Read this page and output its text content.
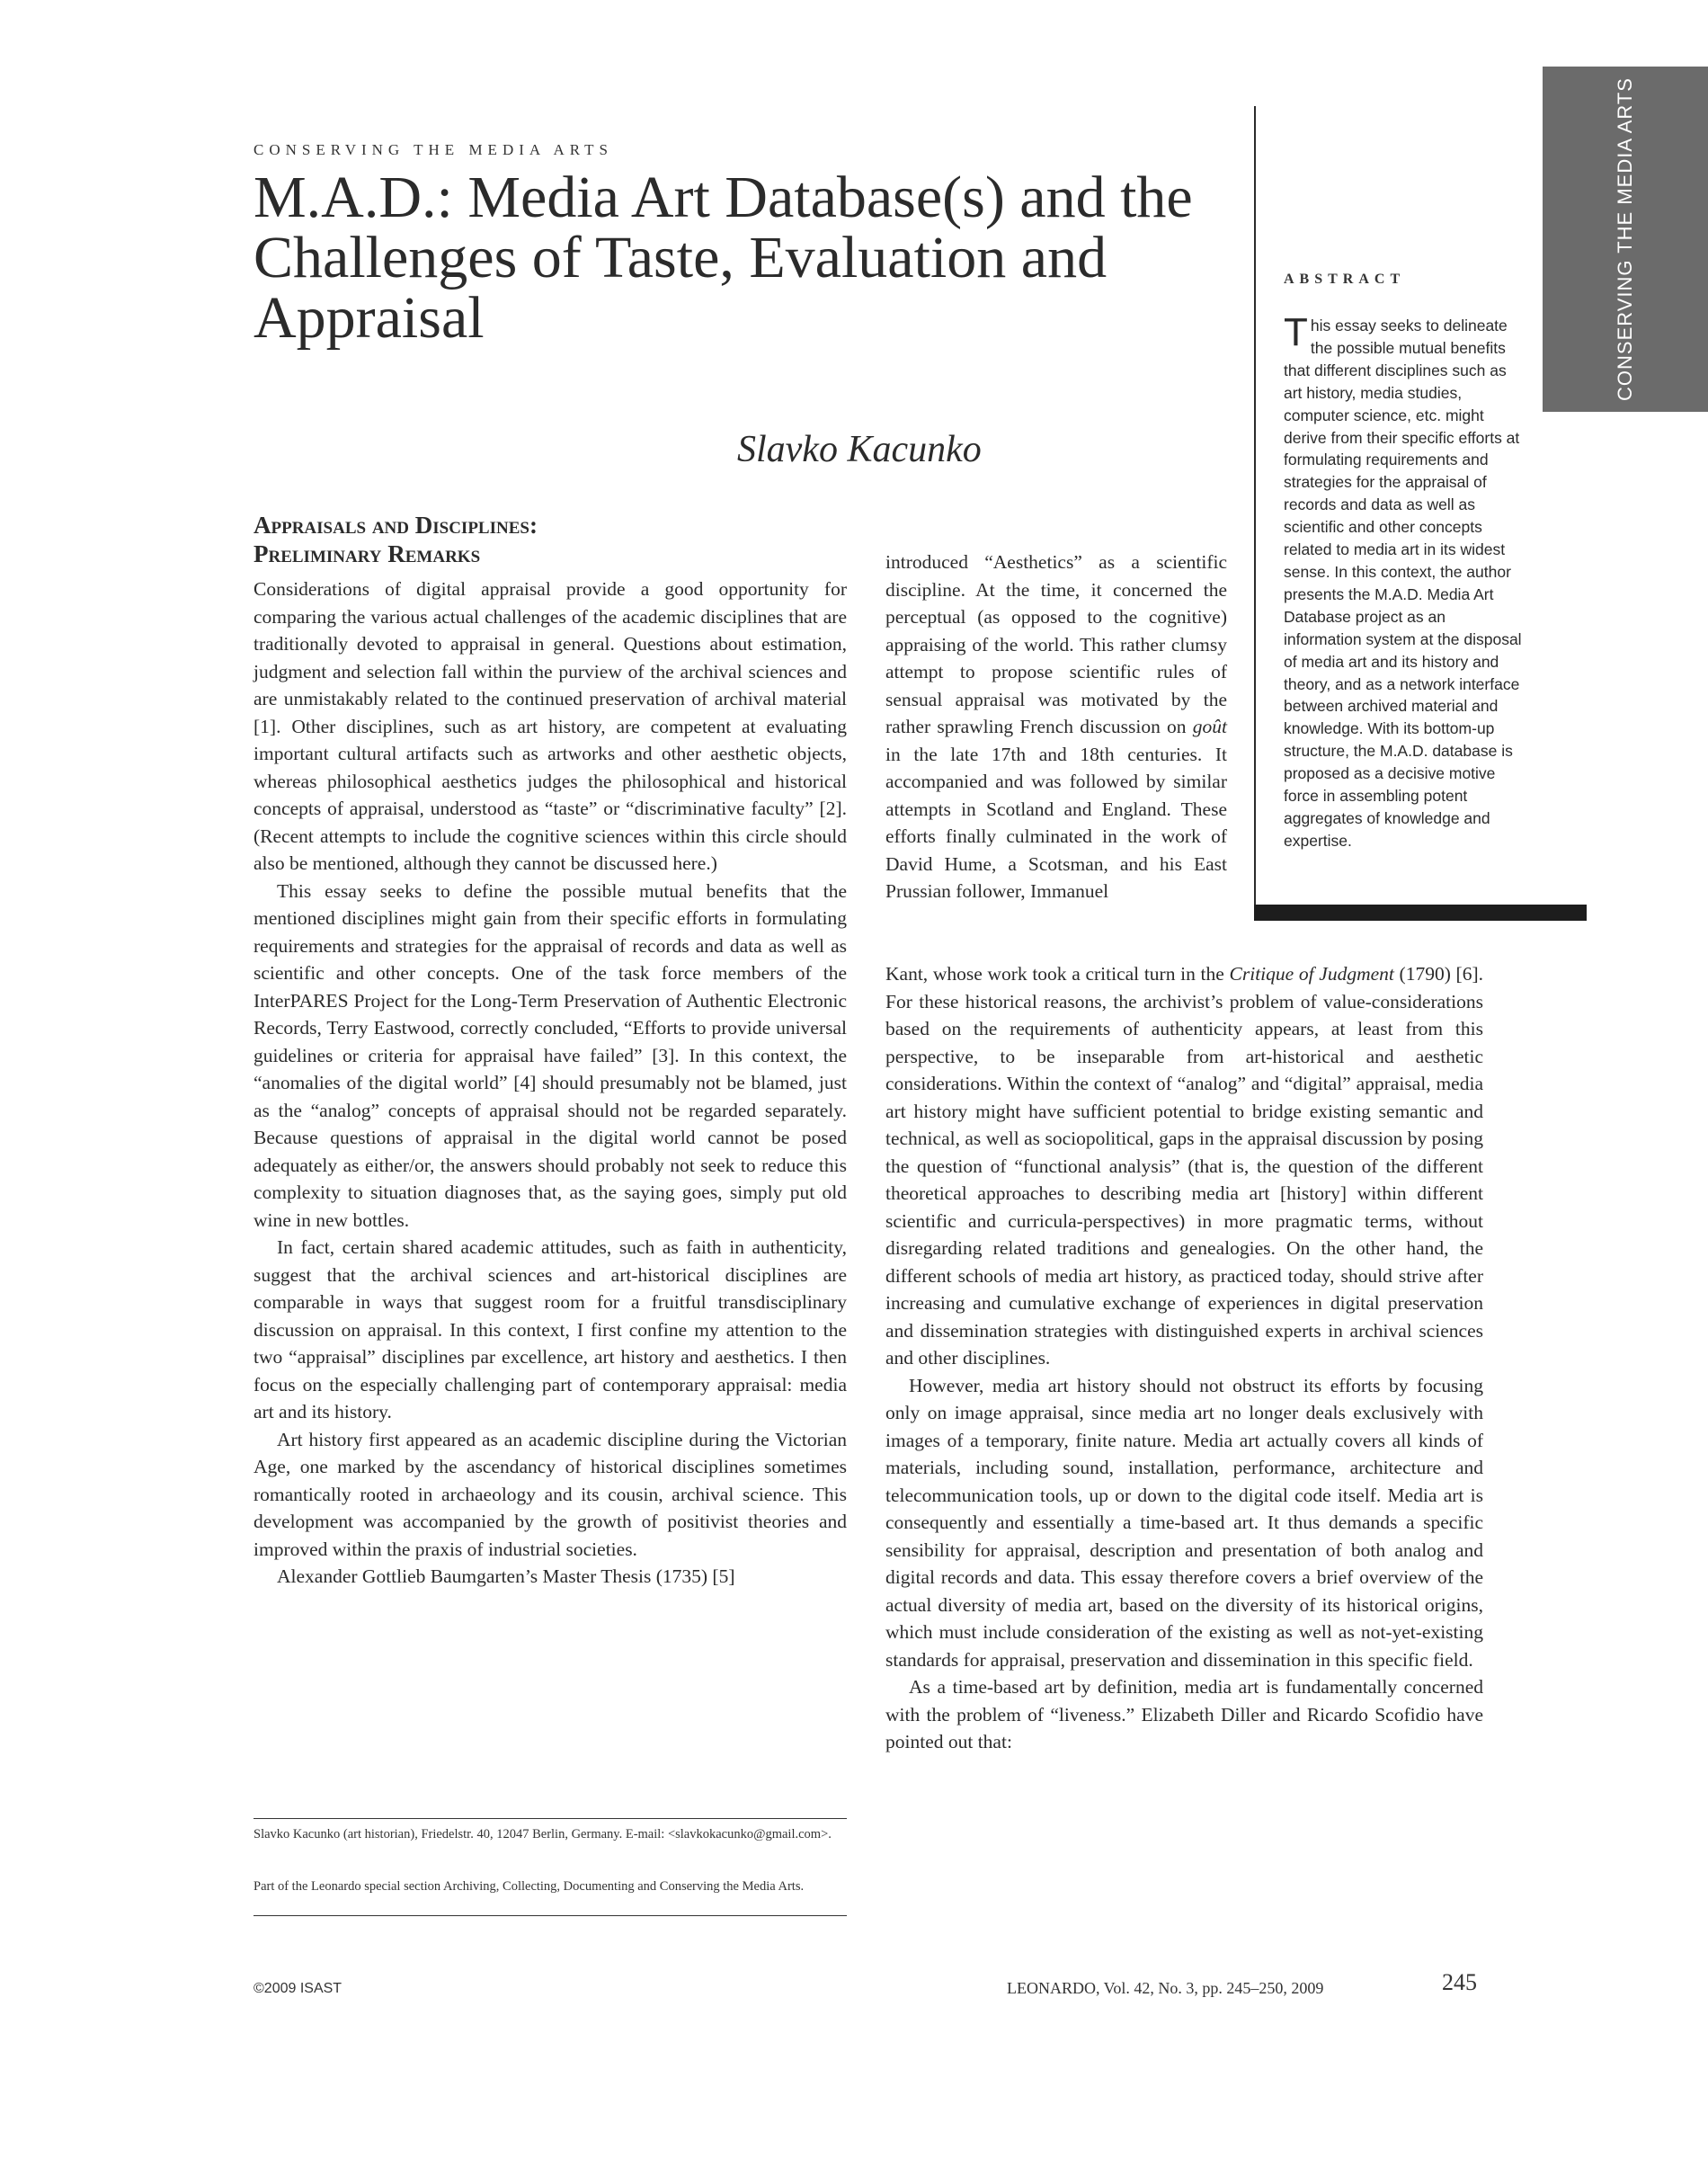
CONSERVING THE MEDIA ARTS
CONSERVING THE MEDIA ARTS
M.A.D.: Media Art Database(s) and the Challenges of Taste, Evaluation and Appraisal
Slavko Kacunko
ABSTRACT
This essay seeks to delineate the possible mutual benefits that different disciplines such as art history, media studies, computer science, etc. might derive from their specific efforts at formulating requirements and strategies for the appraisal of records and data as well as scientific and other concepts related to media art in its widest sense. In this context, the author presents the M.A.D. Media Art Database project as an information system at the disposal of media art and its history and theory, and as a network interface between archived material and knowledge. With its bottom-up structure, the M.A.D. database is proposed as a decisive motive force in assembling potent aggregates of knowledge and expertise.
Appraisals and Disciplines:
Preliminary Remarks

Considerations of digital appraisal provide a good opportunity for comparing the various actual challenges of the academic disciplines that are traditionally devoted to appraisal in general. Questions about estimation, judgment and selection fall within the purview of the archival sciences and are unmistakably related to the continued preservation of archival material [1]. Other disciplines, such as art history, are competent at evaluating important cultural artifacts such as artworks and other aesthetic objects, whereas philosophical aesthetics judges the philosophical and historical concepts of appraisal, understood as “taste” or “discriminative faculty” [2]. (Recent attempts to include the cognitive sciences within this circle should also be mentioned, although they cannot be discussed here.)

This essay seeks to define the possible mutual benefits that the mentioned disciplines might gain from their specific efforts in formulating requirements and strategies for the appraisal of records and data as well as scientific and other concepts. One of the task force members of the InterPARES Project for the Long-Term Preservation of Authentic Electronic Records, Terry Eastwood, correctly concluded, “Efforts to provide universal guidelines or criteria for appraisal have failed” [3]. In this context, the “anomalies of the digital world” [4] should presumably not be blamed, just as the “analog” concepts of appraisal should not be regarded separately. Because questions of appraisal in the digital world cannot be posed adequately as either/or, the answers should probably not seek to reduce this complexity to situation diagnoses that, as the saying goes, simply put old wine in new bottles.

In fact, certain shared academic attitudes, such as faith in authenticity, suggest that the archival sciences and art-historical disciplines are comparable in ways that suggest room for a fruitful transdisciplinary discussion on appraisal. In this context, I first confine my attention to the two “appraisal” disciplines par excellence, art history and aesthetics. I then focus on the especially challenging part of contemporary appraisal: media art and its history.

Art history first appeared as an academic discipline during the Victorian Age, one marked by the ascendancy of historical disciplines sometimes romantically rooted in archaeology and its cousin, archival science. This development was accompanied by the growth of positivist theories and improved within the praxis of industrial societies.

Alexander Gottlieb Baumgarten’s Master Thesis (1735) [5]

introduced “Aesthetics” as a scientific discipline. At the time, it concerned the perceptual (as opposed to the cognitive) appraising of the world. This rather clumsy attempt to propose scientific rules of sensual appraisal was motivated by the rather sprawling French discussion on goût in the late 17th and 18th centuries. It accompanied and was followed by similar attempts in Scotland and England. These efforts finally culminated in the work of David Hume, a Scotsman, and his East Prussian follower, Immanuel

Kant, whose work took a critical turn in the Critique of Judgment (1790) [6]. For these historical reasons, the archivist’s problem of value-considerations based on the requirements of authenticity appears, at least from this perspective, to be inseparable from art-historical and aesthetic considerations. Within the context of “analog” and “digital” appraisal, media art history might have sufficient potential to bridge existing semantic and technical, as well as sociopolitical, gaps in the appraisal discussion by posing the question of “functional analysis” (that is, the question of the different theoretical approaches to describing media art [history] within different scientific and curricula-perspectives) in more pragmatic terms, without disregarding related traditions and genealogies. On the other hand, the different schools of media art history, as practiced today, should strive after increasing and cumulative exchange of experiences in digital preservation and dissemination strategies with distinguished experts in archival sciences and other disciplines.

However, media art history should not obstruct its efforts by focusing only on image appraisal, since media art no longer deals exclusively with images of a temporary, finite nature. Media art actually covers all kinds of materials, including sound, installation, performance, architecture and telecommunication tools, up or down to the digital code itself. Media art is consequently and essentially a time-based art. It thus demands a specific sensibility for appraisal, description and presentation of both analog and digital records and data. This essay therefore covers a brief overview of the actual diversity of media art, based on the diversity of its historical origins, which must include consideration of the existing as well as not-yet-existing standards for appraisal, preservation and dissemination in this specific field.

As a time-based art by definition, media art is fundamentally concerned with the problem of “liveness.” Elizabeth Diller and Ricardo Scofidio have pointed out that:

Slavko Kacunko (art historian), Friedelstr. 40, 12047 Berlin, Germany. E-mail: <slavkokacunko@gmail.com>.
Part of the Leonardo special section Archiving, Collecting, Documenting and Conserving the Media Arts.
©2009 ISAST	LEONARDO, Vol. 42, No. 3, pp. 245–250, 2009	245
